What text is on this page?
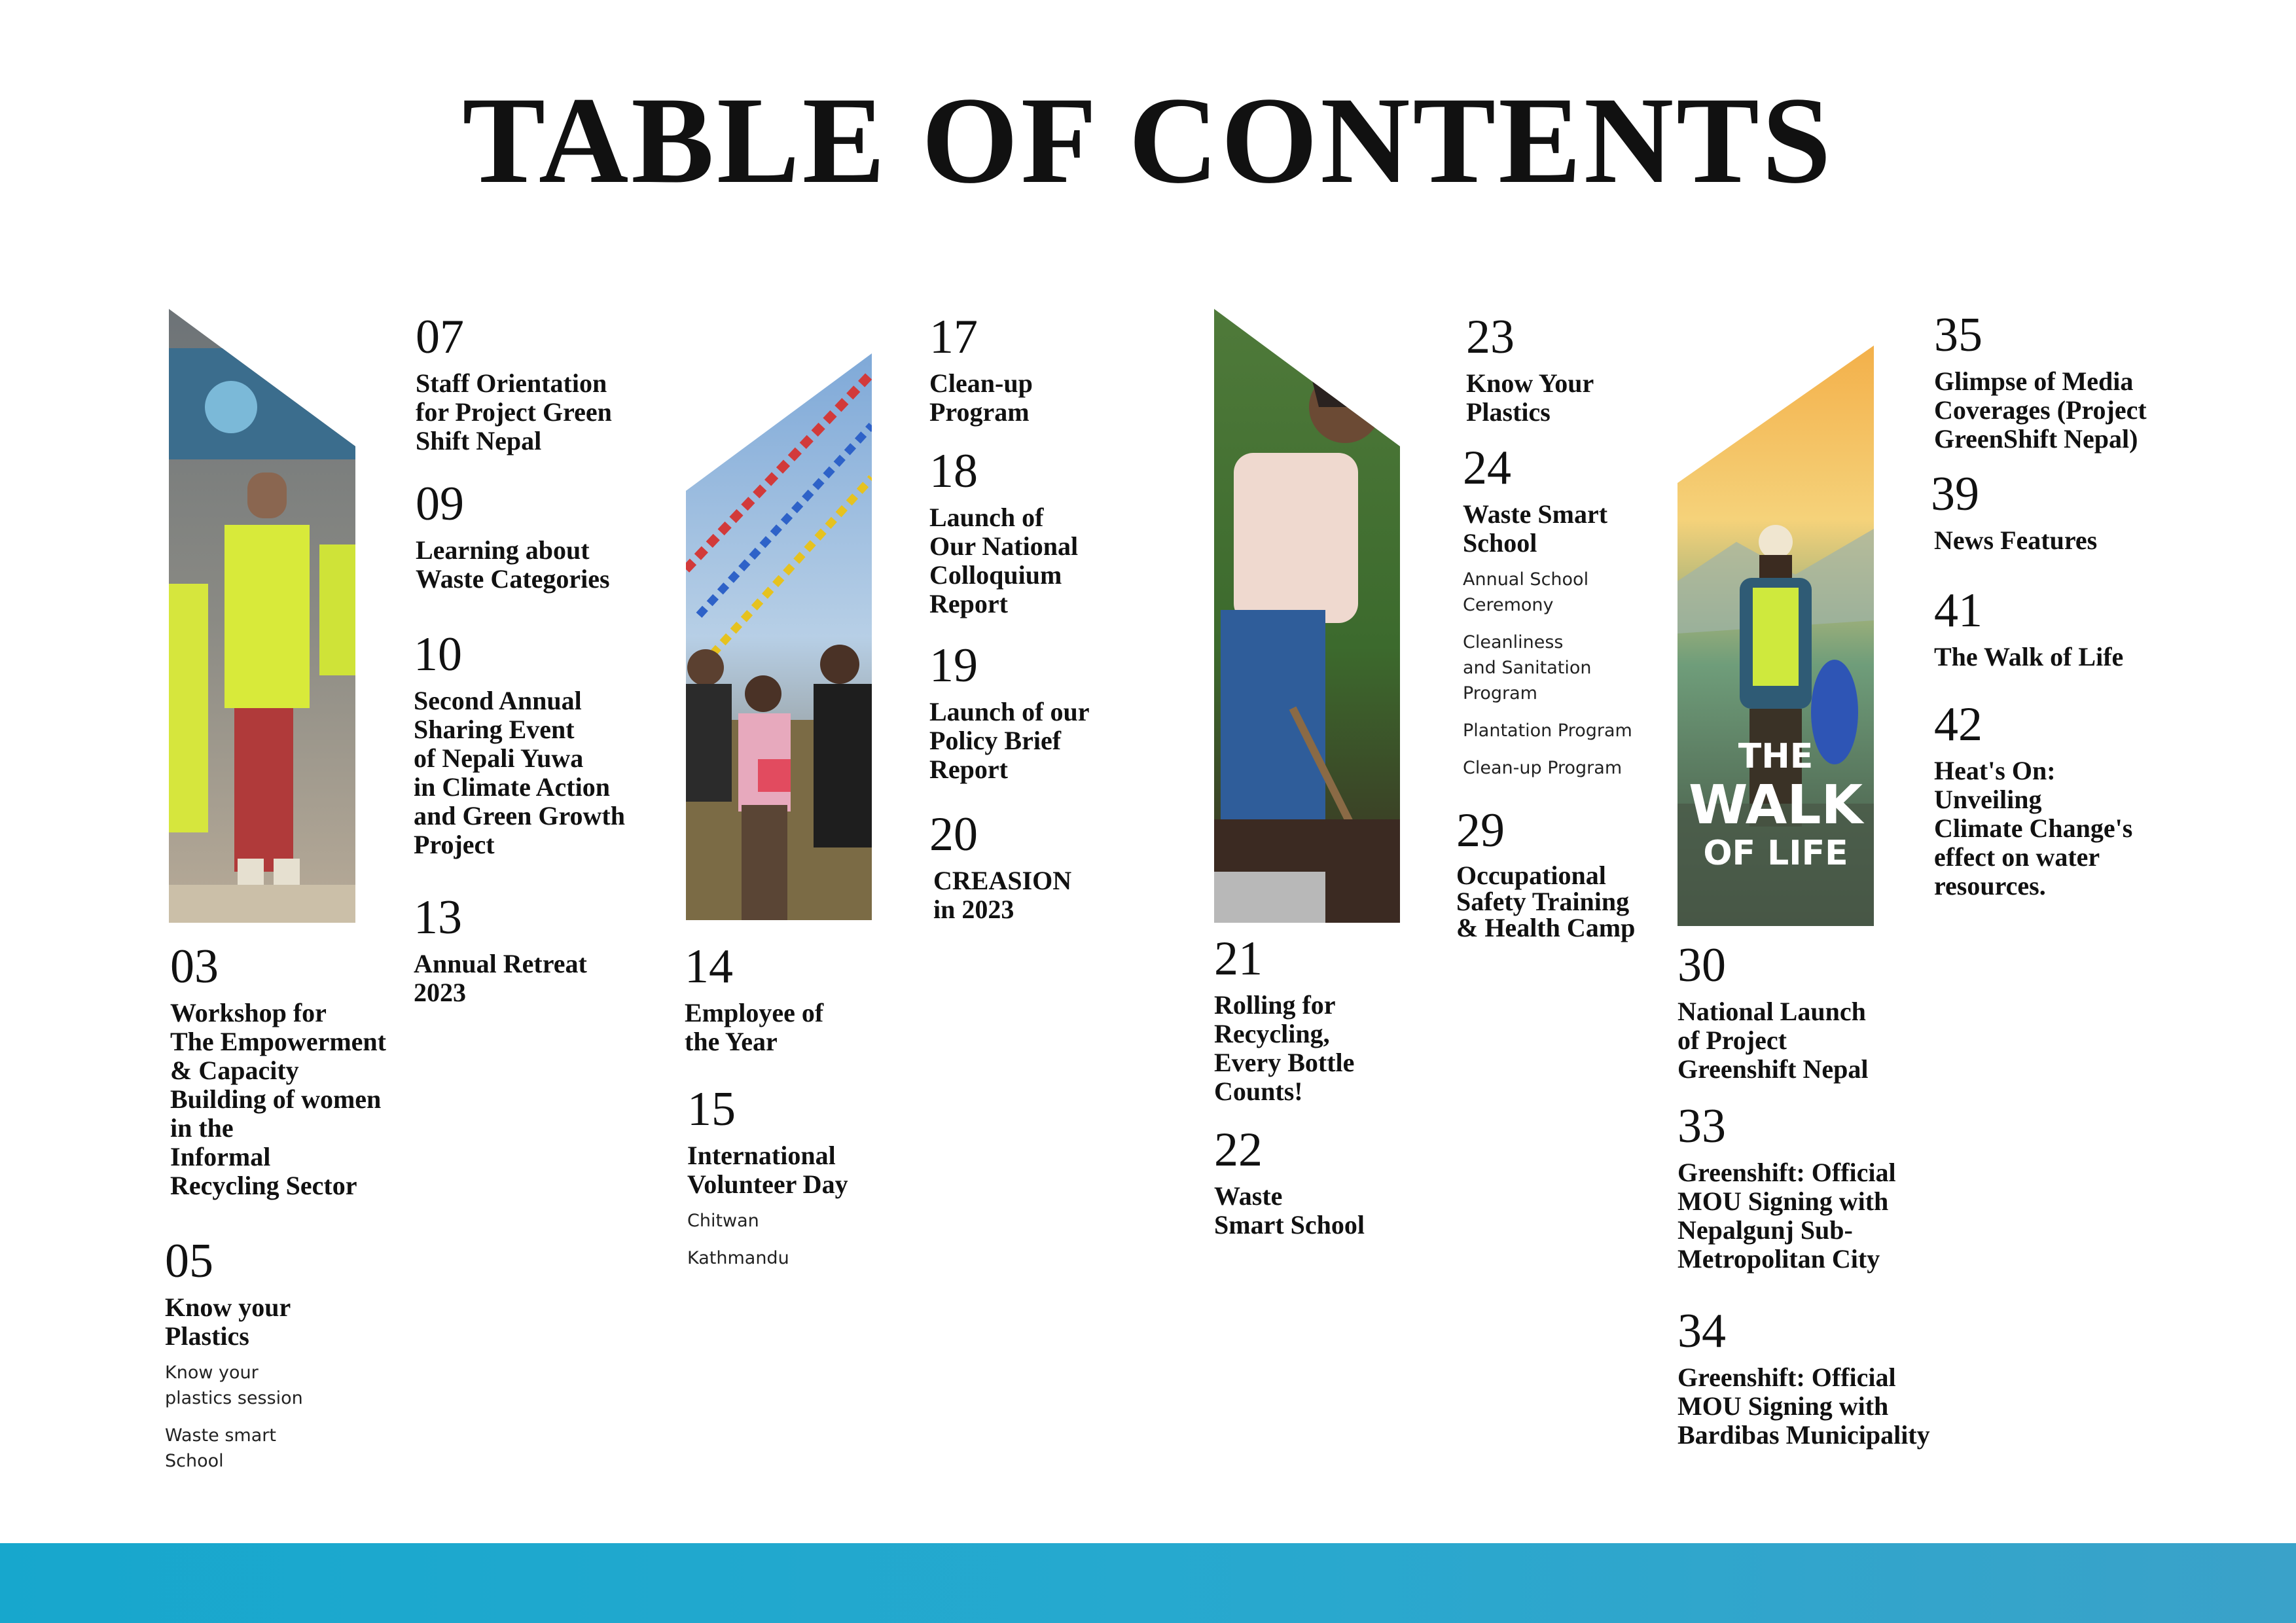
TABLE OF CONTENTS
THE
WALK
OF LIFE
03
Workshop for
The Empowerment
& Capacity
Building of women
in the
Informal
Recycling Sector
05
Know your
Plastics
Know your
plastics session
Waste smart
School
07
Staff Orientation
for Project Green
Shift Nepal
09
Learning about
Waste Categories
10
Second Annual
Sharing Event
of Nepali Yuwa
in Climate Action
and Green Growth
Project
13
Annual Retreat
2023	14
Employee of
the Year
15
International
Volunteer Day
Chitwan
Kathmandu
17
Clean-up
Program
18
Launch of
Our National
Colloquium
Report
19
Launch of our
Policy Brief
Report
20
CREASION
in 2023
21
Rolling for
Recycling,
Every Bottle
Counts!
22
Waste
Smart School
23
Know Your
Plastics
24
Waste Smart
School
Annual School
Ceremony
Cleanliness
and Sanitation
Program
Plantation Program
Clean-up Program
29
Occupational
Safety Training
& Health Camp
30
National Launch
of Project
Greenshift Nepal
33
Greenshift: Official
MOU Signing with
Nepalgunj Sub-
Metropolitan City
34
Greenshift: Official
MOU Signing with
Bardibas Municipality
35
Glimpse of Media
Coverages (Project
GreenShift Nepal)
39
News Features
41
The Walk of Life
42
Heat's On:
Unveiling
Climate Change's
effect on water
resources.
